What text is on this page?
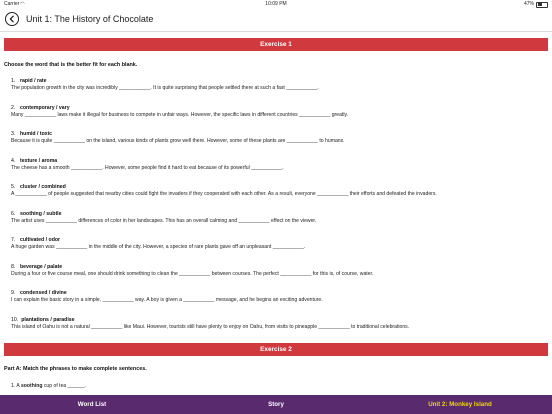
Carrier◠	10:09 PM	47%
Unit 1: The History of Chocolate
Exercise 1
Choose the word that is the better fit for each blank.
1. rapid / rate
The population growth in the city was incredibly ___________. It is quite surprising that people settled there at such a fast ___________.
2. contemporary / vary
Many ___________ laws make it illegal for business to compete in unfair ways. However, the specific laws in different countries ___________ greatly.
3. humid / toxic
Because it is quite ___________ on the island, various kinds of plants grow well there. However, some of these plants are ___________ to humans.
4. texture / aroma
The cheese has a smooth ___________. However, some people find it hard to eat because of its powerful ___________.
5. cluster / combined
A ___________ of people suggested that nearby cities could fight the invaders if they cooperated with each other. As a result, everyone ___________ their efforts and defeated the invaders.
6. soothing / subtle
The artist uses ___________ differences of color in her landscapes. This has an overall calming and ___________ effect on the viewer.
7. cultivated / odor
A huge garden was ___________ in the middle of the city. However, a species of rare plants gave off an unpleasant ___________.
8. beverage / palate
During a four or five course meal, one should drink something to clean the ___________ between courses. The perfect ___________ for this is, of course, water.
9. condensed / divine
I can explain the basic story in a simple, ___________ way. A boy is given a ___________ message, and he begins an exciting adventure.
10. plantations / paradise
This island of Oahu is not a natural ___________ like Maui. However, tourists still have plenty to enjoy on Oahu, from visits to pineapple ___________ to traditional celebrations.
Exercise 2
Part A: Match the phrases to make complete sentences.
1. A soothing cup of tea ______.
Word List	Story	Unit 2: Monkey Island
